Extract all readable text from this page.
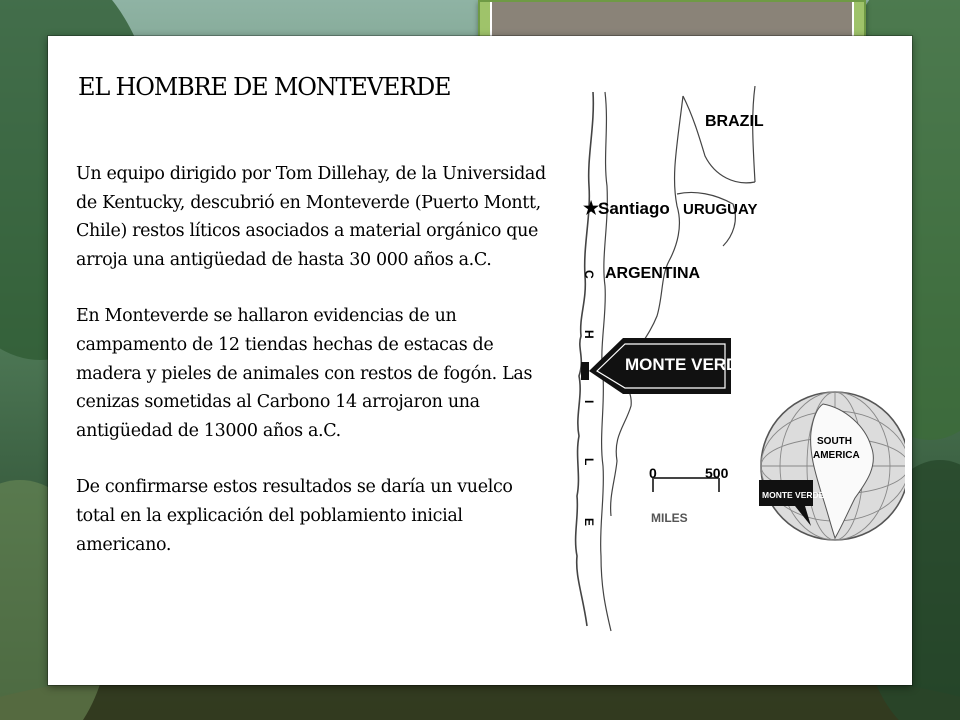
EL HOMBRE DE MONTEVERDE

Un equipo dirigido por Tom Dillehay, de la Universidad de Kentucky, descubrió en Monteverde (Puerto Montt, Chile) restos líticos asociados a material orgánico que arroja una antigüedad de hasta 30 000 años a.C.

En Monteverde se hallaron evidencias de un campamento de 12 tiendas hechas de estacas de madera y pieles de animales con restos de fogón. Las cenizas sometidas al Carbono 14 arrojaron una antigüedad de 13000 años a.C.

De confirmarse estos resultados se daría un vuelco total en la explicación del poblamiento inicial americano.

BRAZIL
URUGUAY
ARGENTINA
★
Santiago
C
H
I
L
E
MONTE VERDE
0	500
MILES
SOUTH
AMERICA
MONTE VERDE
